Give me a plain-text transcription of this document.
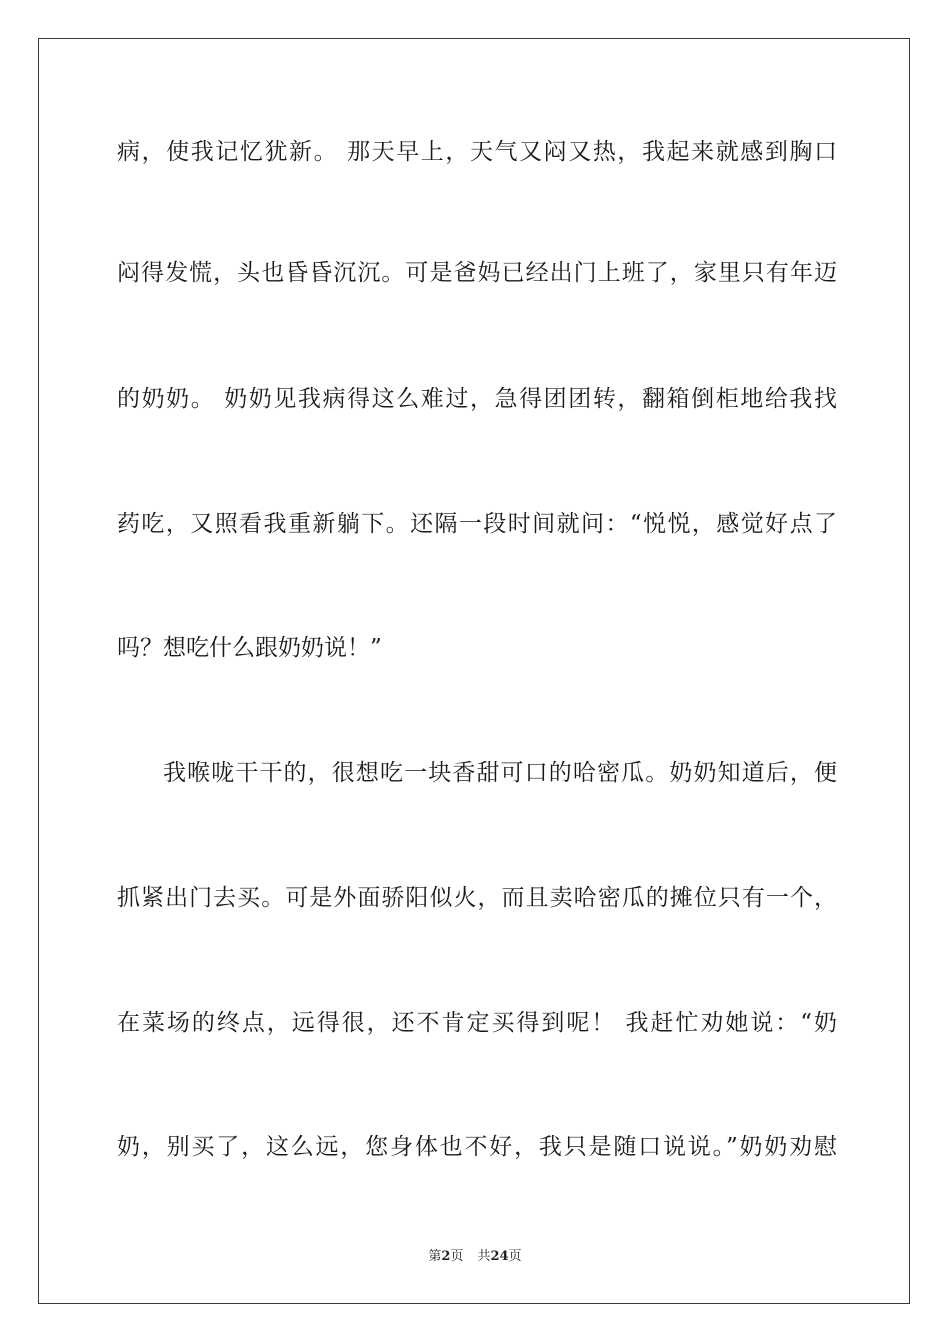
病，使我记忆犹新。 那天早上，天气又闷又热，我起来就感到胸口
闷得发慌，头也昏昏沉沉。可是爸妈已经出门上班了，家里只有年迈
的奶奶。 奶奶见我病得这么难过，急得团团转，翻箱倒柜地给我找
药吃，又照看我重新躺下。还隔一段时间就问：“悦悦，感觉好点了
吗？想吃什么跟奶奶说！”
我喉咙干干的，很想吃一块香甜可口的哈密瓜。奶奶知道后，便
抓紧出门去买。可是外面骄阳似火，而且卖哈密瓜的摊位只有一个，
在菜场的终点，远得很，还不肯定买得到呢！ 我赶忙劝她说：“奶
奶，别买了，这么远，您身体也不好，我只是随口说说。”奶奶劝慰
第2页 共24页
